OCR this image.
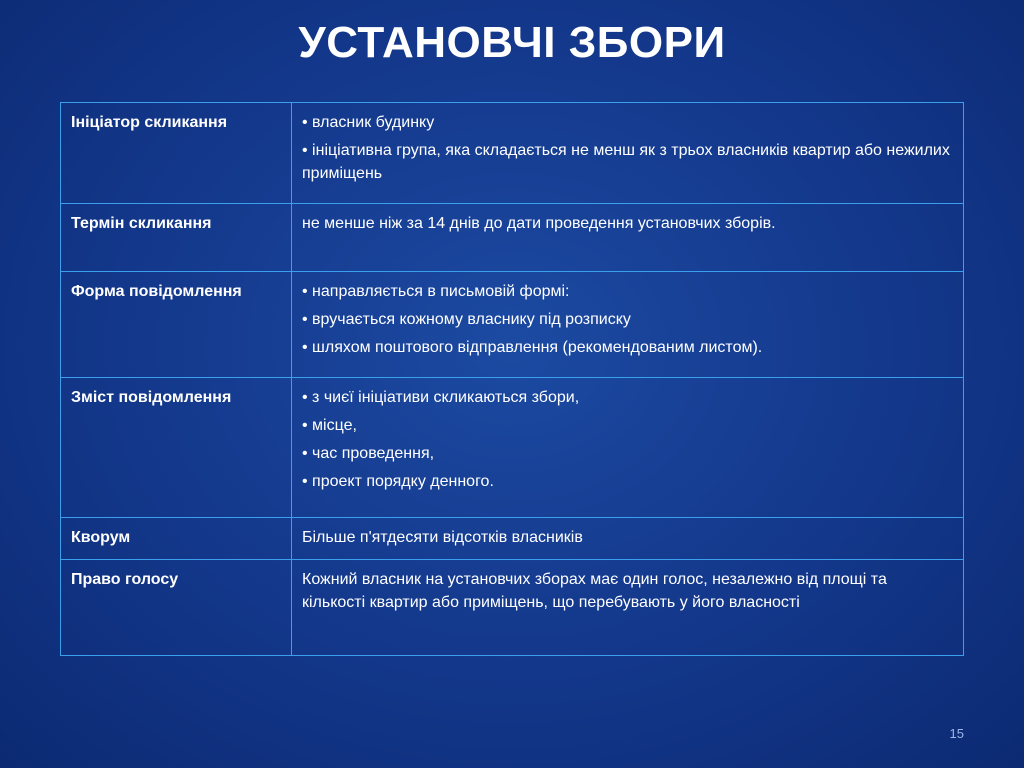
УСТАНОВЧІ ЗБОРИ
Ініціатор скликання	• власник будинку
• ініціативна група, яка складається не менш як з трьох власників квартир або нежилих приміщень

Термін скликання	не менше ніж за 14 днів до дати проведення установчих зборів.

Форма повідомлення	• направляється в письмовій формі:
• вручається кожному власнику під розписку
• шляхом поштового відправлення (рекомендованим листом).

Зміст повідомлення	• з чиєї ініціативи скликаються збори,
• місце,
• час проведення,
• проект порядку денного.

Кворум	Більше п'ятдесяти відсотків власників

Право голосу	Кожний власник на установчих зборах має один голос, незалежно від площі та кількості квартир або приміщень, що перебувають у його власності
15
